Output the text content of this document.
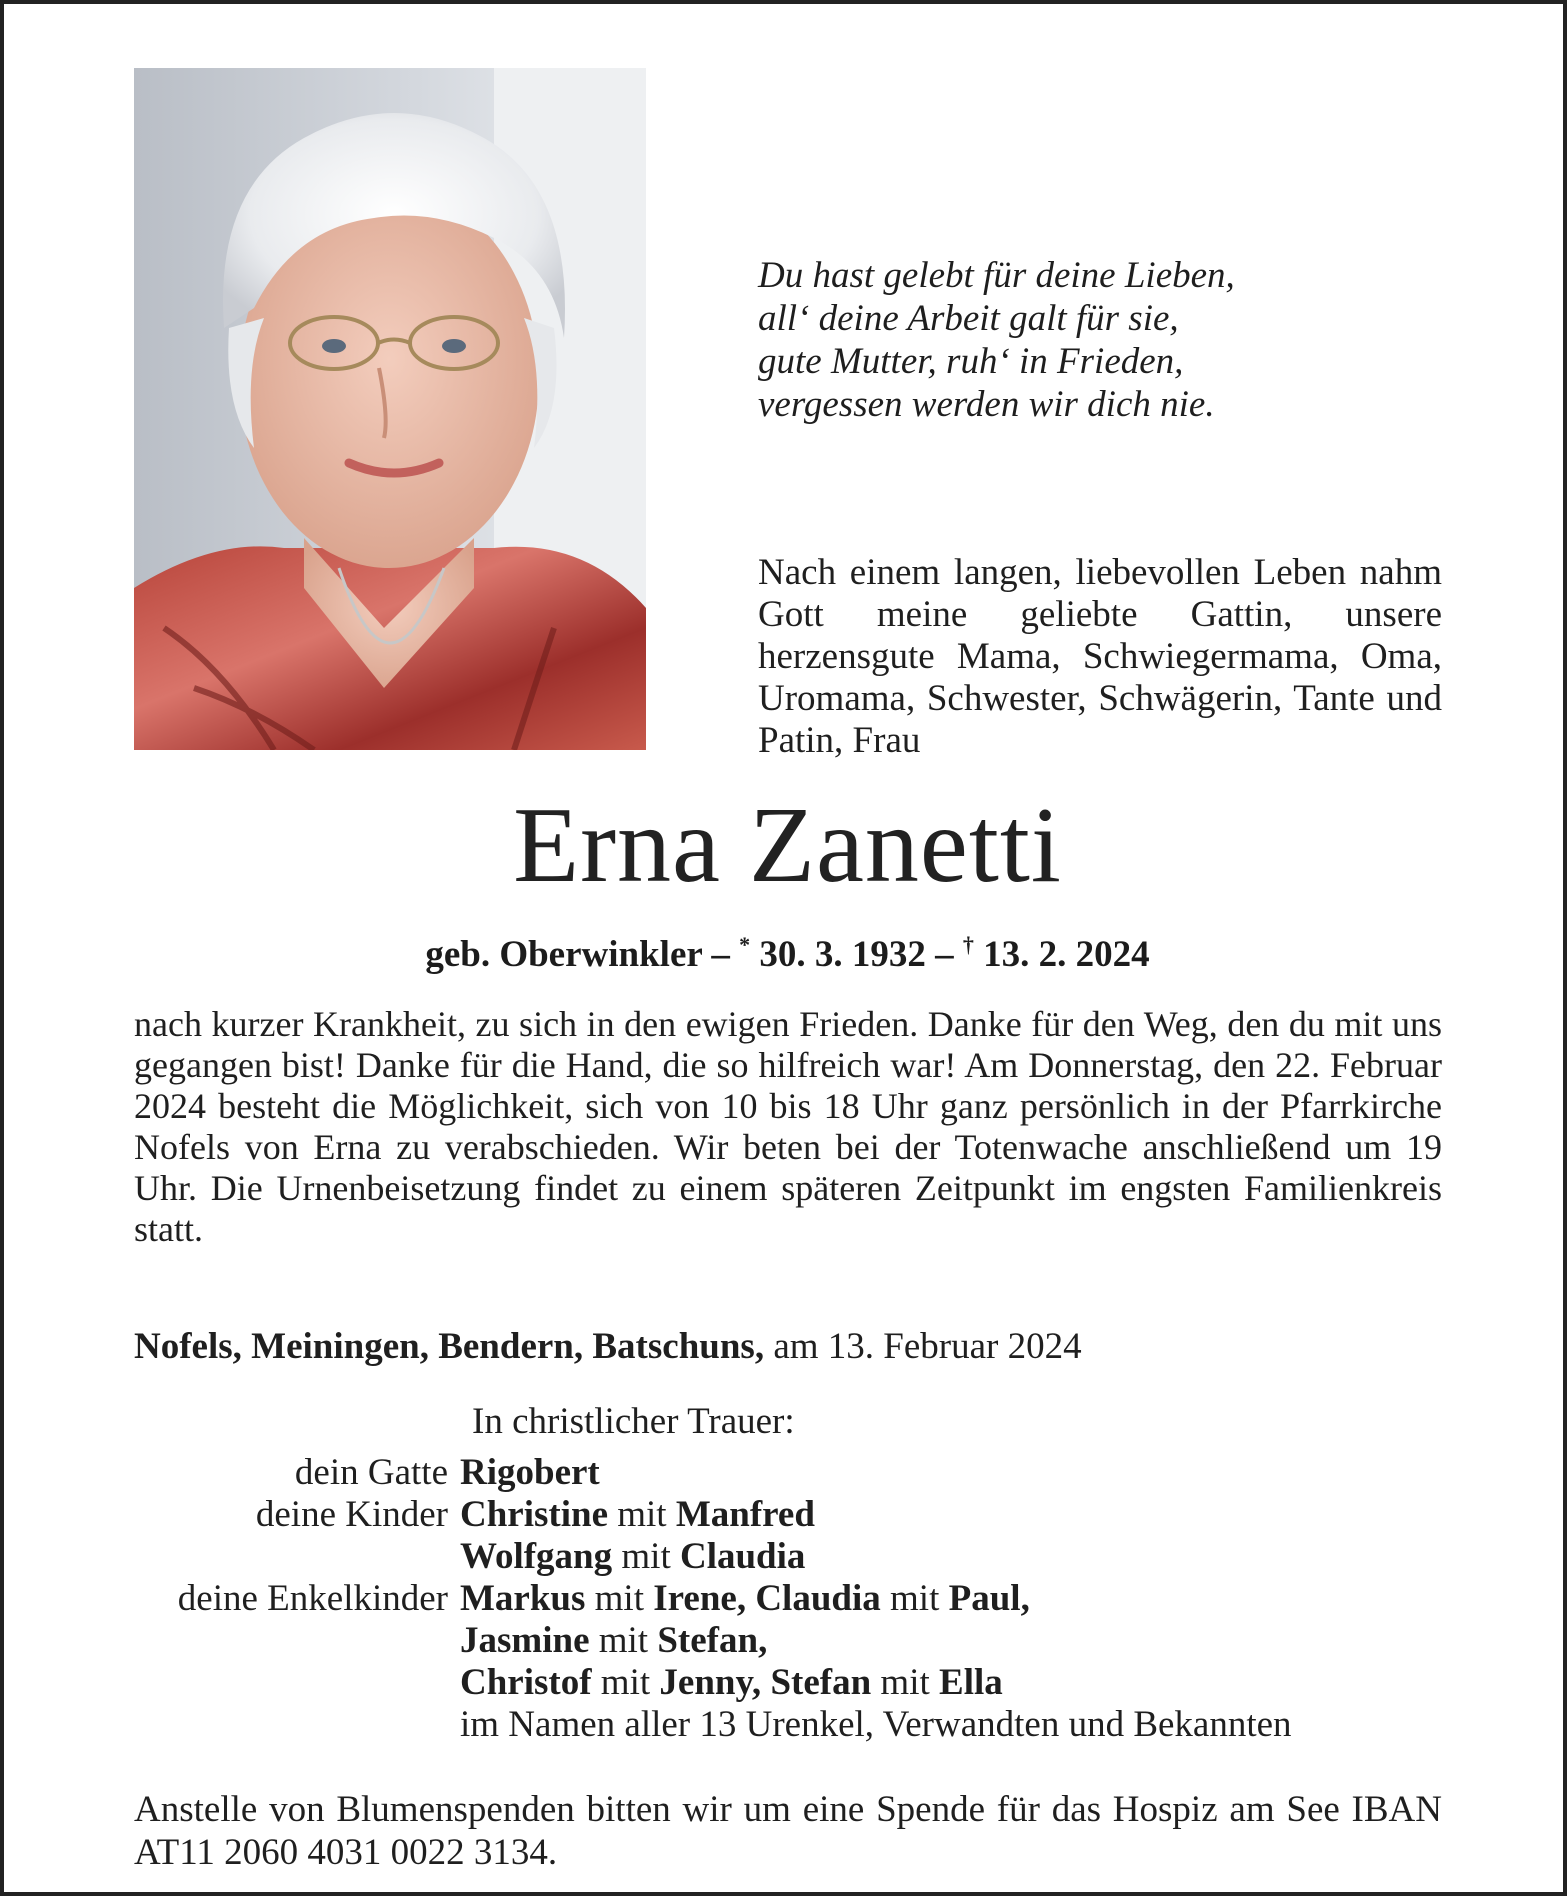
Du hast gelebt für deine Lieben,
all‘ deine Arbeit galt für sie,
gute Mutter, ruh‘ in Frieden,
vergessen werden wir dich nie.
Nach einem langen, liebevollen Leben nahm Gott meine geliebte Gattin, unsere herzensgute Mama, Schwiegermama, Oma, Uromama, Schwester, Schwägerin, Tante und Patin, Frau
Erna Zanetti
geb. Oberwinkler – * 30. 3. 1932 – † 13. 2. 2024
nach kurzer Krankheit, zu sich in den ewigen Frieden. Danke für den Weg, den du mit uns gegangen bist! Danke für die Hand, die so hilfreich war! Am Donnerstag, den 22. Februar 2024 besteht die Möglichkeit, sich von 10 bis 18 Uhr ganz persönlich in der Pfarrkirche Nofels von Erna zu verabschieden. Wir beten bei der Totenwache anschließend um 19 Uhr. Die Urnenbeisetzung findet zu einem späteren Zeitpunkt im engsten Familienkreis statt.
Nofels, Meiningen, Bendern, Batschuns, am 13. Februar 2024
In christlicher Trauer:
dein Gatte Rigobert
deine Kinder Christine mit Manfred
Wolfgang mit Claudia
deine Enkelkinder Markus mit Irene, Claudia mit Paul,
Jasmine mit Stefan,
Christof mit Jenny, Stefan mit Ella
im Namen aller 13 Urenkel, Verwandten und Bekannten
Anstelle von Blumenspenden bitten wir um eine Spende für das Hospiz am See IBAN AT11 2060 4031 0022 3134.
